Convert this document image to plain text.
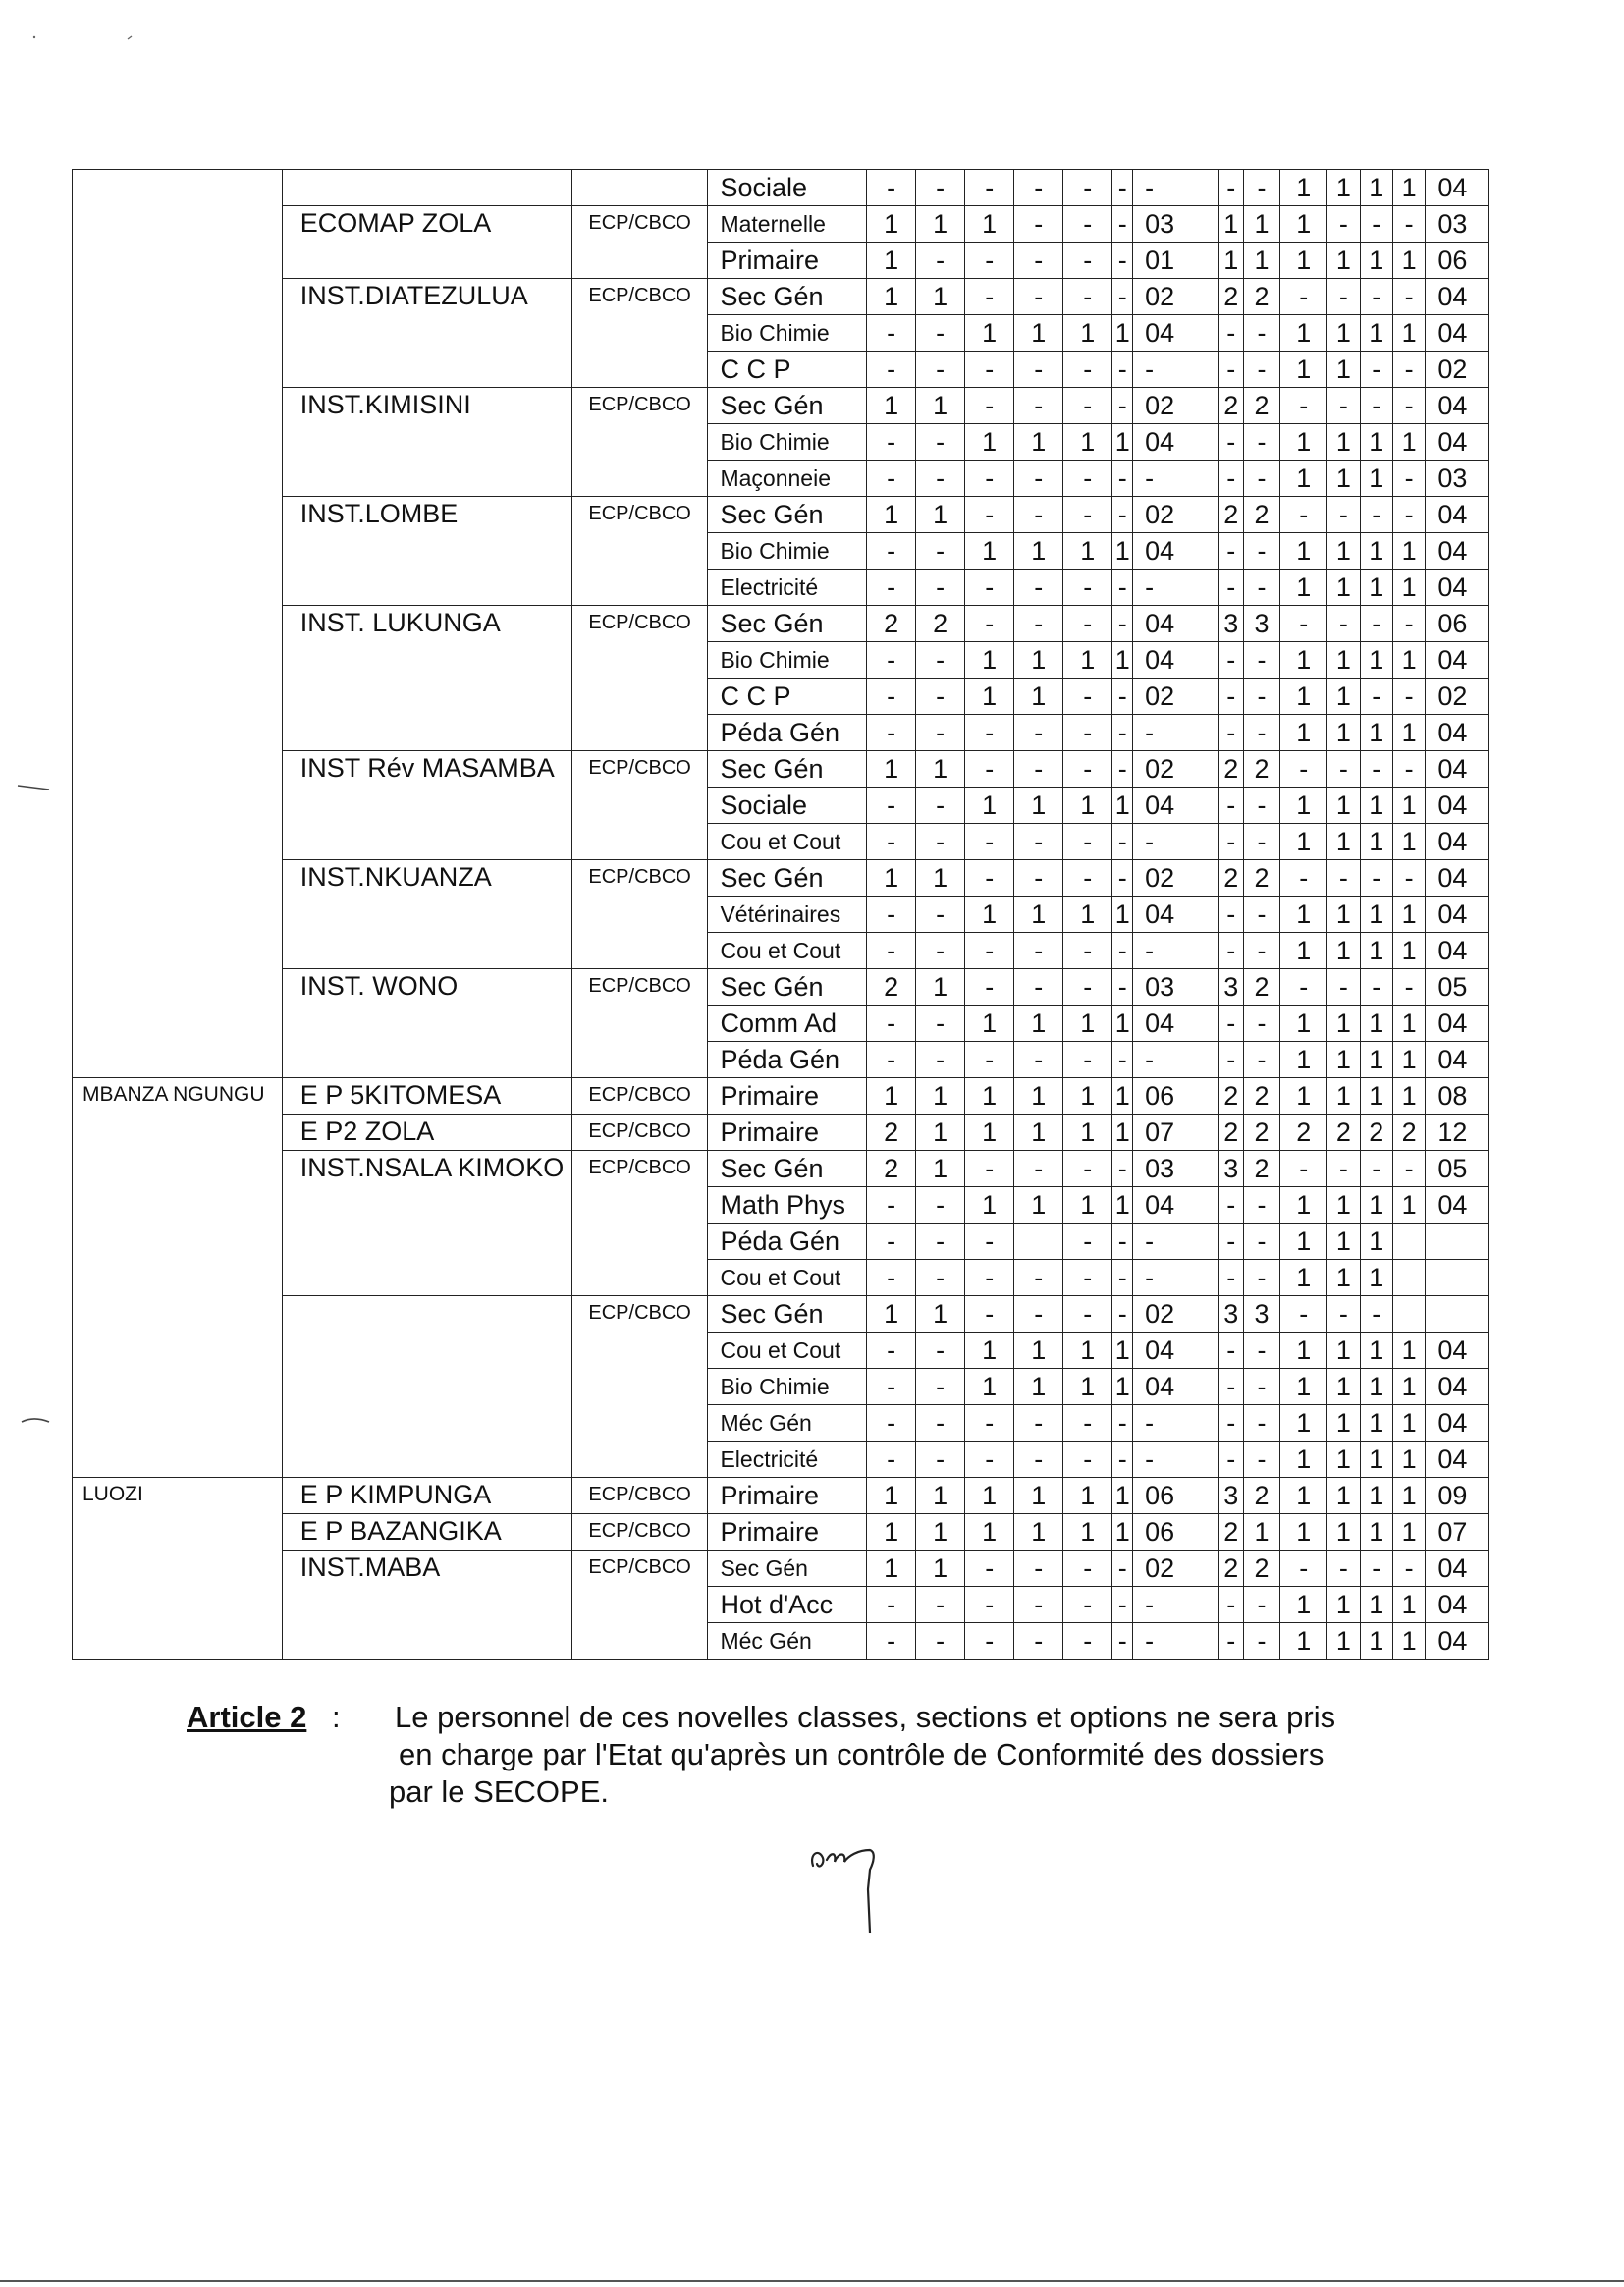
			Sociale	-	-	-	-	-	-	-	-	-	1	1	1	1	04
	ECOMAP ZOLA	ECP/CBCO	Maternelle	1	1	1	-	-	-	03	1	1	1	-	-	-	03
			Primaire	1	-	-	-	-	-	01	1	1	1	1	1	1	06
	INST.DIATEZULUA	ECP/CBCO	Sec Gén	1	1	-	-	-	-	02	2	2	-	-	-	-	04
			Bio Chimie	-	-	1	1	1	1	04	-	-	1	1	1	1	04
			C C P	-	-	-	-	-	-	-	-	-	1	1	-	-	02
	INST.KIMISINI	ECP/CBCO	Sec Gén	1	1	-	-	-	-	02	2	2	-	-	-	-	04
			Bio Chimie	-	-	1	1	1	1	04	-	-	1	1	1	1	04
			Maçonneie	-	-	-	-	-	-	-	-	-	1	1	1	-	03
	INST.LOMBE	ECP/CBCO	Sec Gén	1	1	-	-	-	-	02	2	2	-	-	-	-	04
			Bio Chimie	-	-	1	1	1	1	04	-	-	1	1	1	1	04
			Electricité	-	-	-	-	-	-	-	-	-	1	1	1	1	04
	INST. LUKUNGA	ECP/CBCO	Sec Gén	2	2	-	-	-	-	04	3	3	-	-	-	-	06
			Bio Chimie	-	-	1	1	1	1	04	-	-	1	1	1	1	04
			C C P	-	-	1	1	-	-	02	-	-	1	1	-	-	02
			Péda Gén	-	-	-	-	-	-	-	-	-	1	1	1	1	04
	INST Rév MASAMBA	ECP/CBCO	Sec Gén	1	1	-	-	-	-	02	2	2	-	-	-	-	04
			Sociale	-	-	1	1	1	1	04	-	-	1	1	1	1	04
			Cou et Cout	-	-	-	-	-	-	-	-	-	1	1	1	1	04
	INST.NKUANZA	ECP/CBCO	Sec Gén	1	1	-	-	-	-	02	2	2	-	-	-	-	04
			Vétérinaires	-	-	1	1	1	1	04	-	-	1	1	1	1	04
			Cou et Cout	-	-	-	-	-	-	-	-	-	1	1	1	1	04
	INST. WONO	ECP/CBCO	Sec Gén	2	1	-	-	-	-	03	3	2	-	-	-	-	05
			Comm Ad	-	-	1	1	1	1	04	-	-	1	1	1	1	04
			Péda Gén	-	-	-	-	-	-	-	-	-	1	1	1	1	04
MBANZA NGUNGU	E P 5KITOMESA	ECP/CBCO	Primaire	1	1	1	1	1	1	06	2	2	1	1	1	1	08
	E P2 ZOLA	ECP/CBCO	Primaire	2	1	1	1	1	1	07	2	2	2	2	2	2	12
	INST.NSALA KIMOKO	ECP/CBCO	Sec Gén	2	1	-	-	-	-	03	3	2	-	-	-	-	05
			Math Phys	-	-	1	1	1	1	04	-	-	1	1	1	1	04
			Péda Gén	-	-	-		-	-	-	-	-	1	1	1		
			Cou et Cout	-	-	-	-	-	-	-	-	-	1	1	1		
		ECP/CBCO	Sec Gén	1	1	-	-	-	-	02	3	3	-	-	-		
			Cou et Cout	-	-	1	1	1	1	04	-	-	1	1	1	1	04
			Bio Chimie	-	-	1	1	1	1	04	-	-	1	1	1	1	04
			Méc Gén	-	-	-	-	-	-	-	-	-	1	1	1	1	04
			Electricité	-	-	-	-	-	-	-	-	-	1	1	1	1	04
LUOZI	E P KIMPUNGA	ECP/CBCO	Primaire	1	1	1	1	1	1	06	3	2	1	1	1	1	09
	E P BAZANGIKA	ECP/CBCO	Primaire	1	1	1	1	1	1	06	2	1	1	1	1	1	07
	INST.MABA	ECP/CBCO	Sec Gén	1	1	-	-	-	-	02	2	2	-	-	-	-	04
			Hot d'Acc	-	-	-	-	-	-	-	-	-	1	1	1	1	04
			Méc Gén	-	-	-	-	-	-	-	-	-	1	1	1	1	04
Article 2 : Le personnel de ces novelles classes, sections et options ne sera pris
en charge par l'Etat qu'après un contrôle de Conformité des dossiers
par le SECOPE.
